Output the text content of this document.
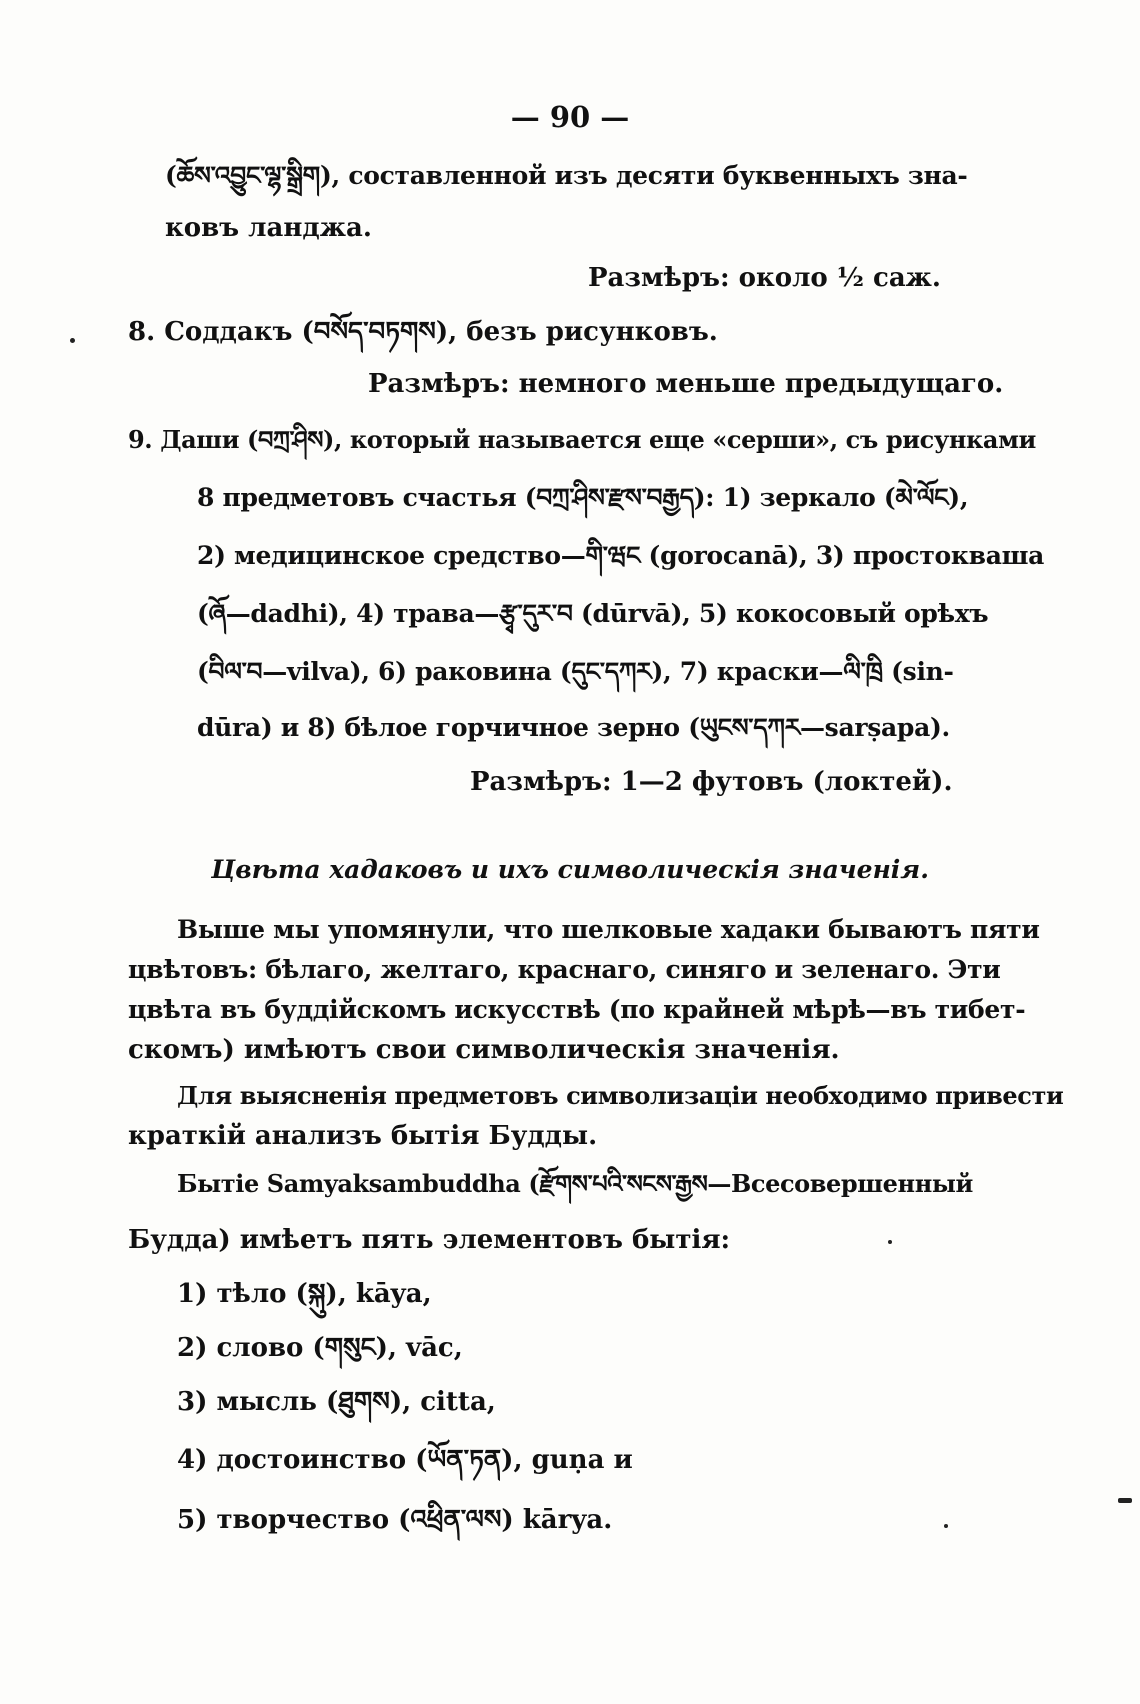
— 90 —
(ཆོས་འབྱུང་ལྷ་སྒྲིག), составленной изъ десяти буквенныхъ зна-
ковъ ланджа.
Размѣръ: около ½ саж.
8. Соддакъ (བསོད་བཏགས), безъ рисунковъ.
Размѣръ: немного меньше предыдущаго.
9. Даши (བཀྲ་ཤིས), который называется еще «серши», съ рисунками
8 предметовъ счастья (བཀྲ་ཤིས་རྫས་བརྒྱད): 1) зеркало (མེ་ལོང),
2) медицинское средство—གི་ཝང (gorocanā), 3) простокваша
(ཞོ—dadhi), 4) трава—རྩྭ་དུར་བ (dūrvā), 5) кокосовый орѣхъ
(བིལ་བ—vilva), 6) раковина (དུང་དཀར), 7) краски—ལི་ཁྲི (sin-
dūra) и 8) бѣлое горчичное зерно (ཡུངས་དཀར—sarṣapa).
Размѣръ: 1—2 футовъ (локтей).
Цвѣта хадаковъ и ихъ символическія значенія.
Выше мы упомянули, что шелковые хадаки бываютъ пяти
цвѣтовъ: бѣлаго, желтаго, краснаго, синяго и зеленаго. Эти
цвѣта въ буддійскомъ искусствѣ (по крайней мѣрѣ—въ тибет-
скомъ) имѣютъ свои символическія значенія.
Для выясненія предметовъ символизаціи необходимо привести
краткій анализъ бытія Будды.
Бытіе Samyaksambuddha (རྫོགས་པའི་སངས་རྒྱས—Всесовершенный
Будда) имѣетъ пять элементовъ бытія:
1) тѣло (སྐུ), kāya,
2) слово (གསུང), vāc,
3) мысль (ཐུགས), citta,
4) достоинство (ཡོན་ཏན), guṇa и
5) творчество (འཕྲིན་ལས) kārya.
